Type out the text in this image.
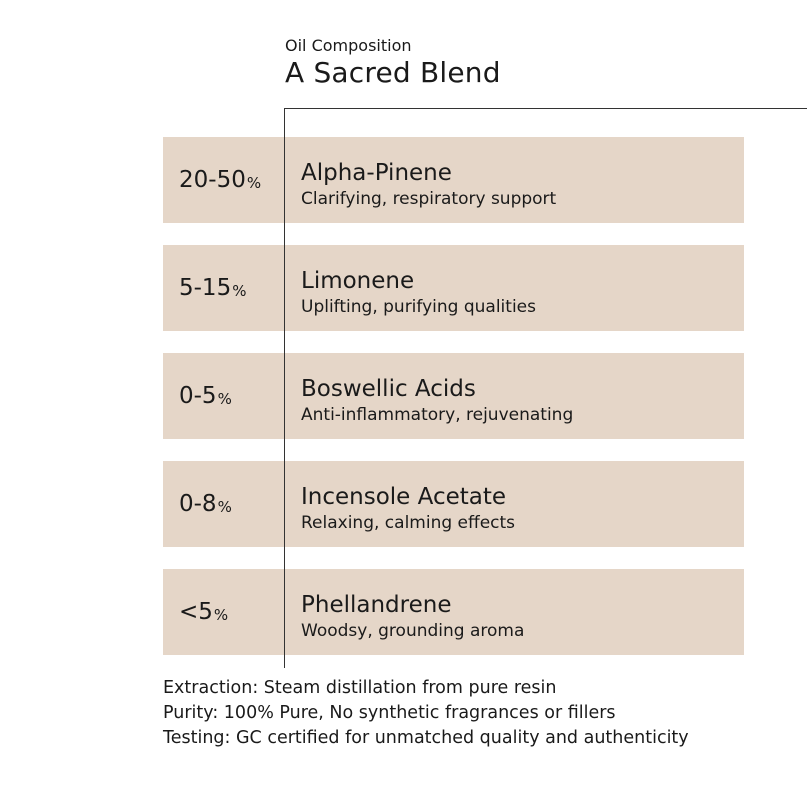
Oil Composition
A Sacred Blend
20-50 % Alpha-Pinene
Clarifying, respiratory support
5-15 % Limonene
Uplifting, purifying qualities
0-5 %	Boswellic Acids
Anti-inflammatory, rejuvenating
0-8 %	Incensole Acetate
Relaxing, calming effects
<5 %	Phellandrene
Woodsy, grounding aroma
Extraction: Steam distillation from pure resin
Purity: 100% Pure, No synthetic fragrances or fillers
Testing: GC certified for unmatched quality and authenticity
